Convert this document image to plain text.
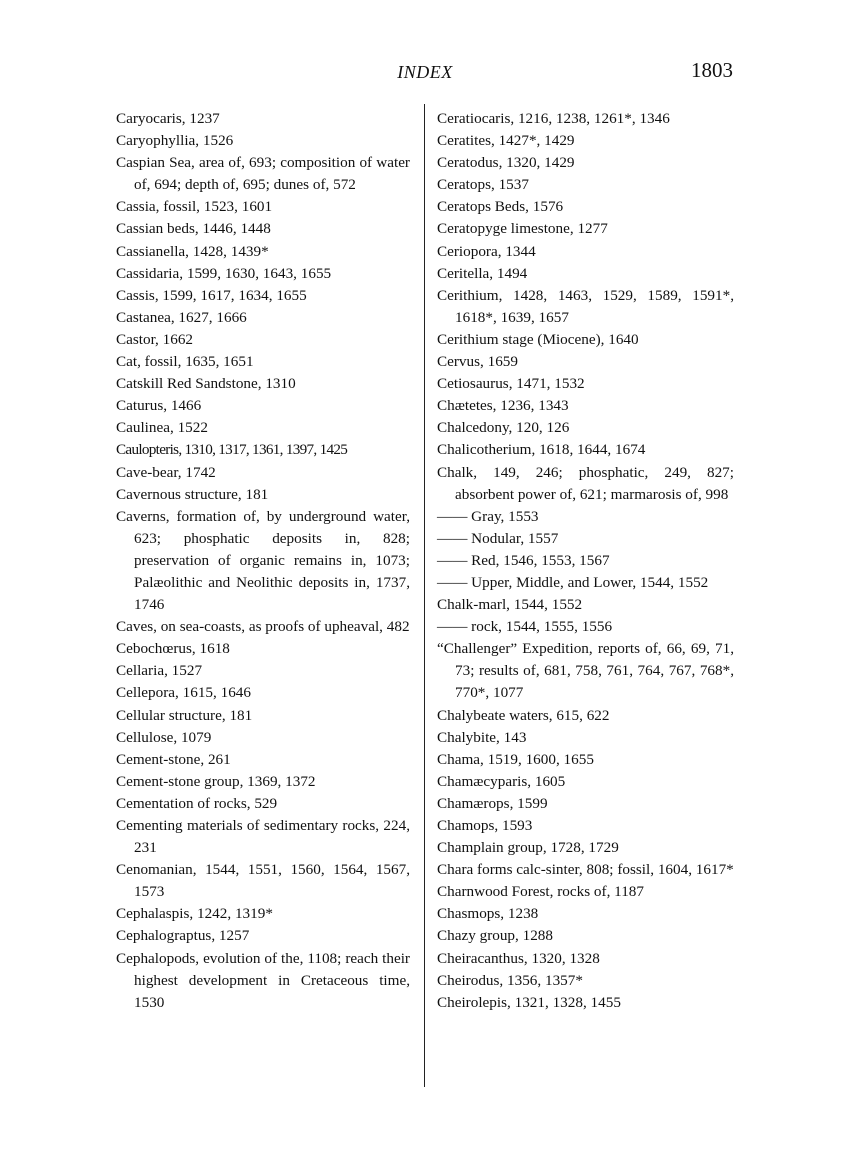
INDEX	1803

Caryocaris, 1237

Caryophyllia, 1526

Caspian Sea, area of, 693; composition of water of, 694; depth of, 695; dunes of, 572

Cassia, fossil, 1523, 1601

Cassian beds, 1446, 1448

Cassianella, 1428, 1439*

Cassidaria, 1599, 1630, 1643, 1655

Cassis, 1599, 1617, 1634, 1655

Castanea, 1627, 1666

Castor, 1662

Cat, fossil, 1635, 1651

Catskill Red Sandstone, 1310

Caturus, 1466

Caulinea, 1522

Caulopteris, 1310, 1317, 1361, 1397, 1425

Cave-bear, 1742

Cavernous structure, 181

Caverns, formation of, by underground water, 623; phosphatic deposits in, 828; preservation of organic remains in, 1073; Palæolithic and Neolithic deposits in, 1737, 1746

Caves, on sea-coasts, as proofs of upheaval, 482

Cebochœrus, 1618

Cellaria, 1527

Cellepora, 1615, 1646

Cellular structure, 181

Cellulose, 1079

Cement-stone, 261

Cement-stone group, 1369, 1372

Cementation of rocks, 529

Cementing materials of sedimentary rocks, 224, 231

Cenomanian, 1544, 1551, 1560, 1564, 1567, 1573

Cephalaspis, 1242, 1319*

Cephalograptus, 1257

Cephalopods, evolution of the, 1108; reach their highest development in Cretaceous time, 1530

Ceratiocaris, 1216, 1238, 1261*, 1346

Ceratites, 1427*, 1429

Ceratodus, 1320, 1429

Ceratops, 1537

Ceratops Beds, 1576

Ceratopyge limestone, 1277

Ceriopora, 1344

Ceritella, 1494

Cerithium, 1428, 1463, 1529, 1589, 1591*, 1618*, 1639, 1657

Cerithium stage (Miocene), 1640

Cervus, 1659

Cetiosaurus, 1471, 1532

Chætetes, 1236, 1343

Chalcedony, 120, 126

Chalicotherium, 1618, 1644, 1674

Chalk, 149, 246; phosphatic, 249, 827; absorbent power of, 621; marmarosis of, 998

—— Gray, 1553

—— Nodular, 1557

—— Red, 1546, 1553, 1567

—— Upper, Middle, and Lower, 1544, 1552

Chalk-marl, 1544, 1552

—— rock, 1544, 1555, 1556

“Challenger” Expedition, reports of, 66, 69, 71, 73; results of, 681, 758, 761, 764, 767, 768*, 770*, 1077

Chalybeate waters, 615, 622

Chalybite, 143

Chama, 1519, 1600, 1655

Chamæcyparis, 1605

Chamærops, 1599

Chamops, 1593

Champlain group, 1728, 1729

Chara forms calc-sinter, 808; fossil, 1604, 1617*

Charnwood Forest, rocks of, 1187

Chasmops, 1238

Chazy group, 1288

Cheiracanthus, 1320, 1328

Cheirodus, 1356, 1357*

Cheirolepis, 1321, 1328, 1455
